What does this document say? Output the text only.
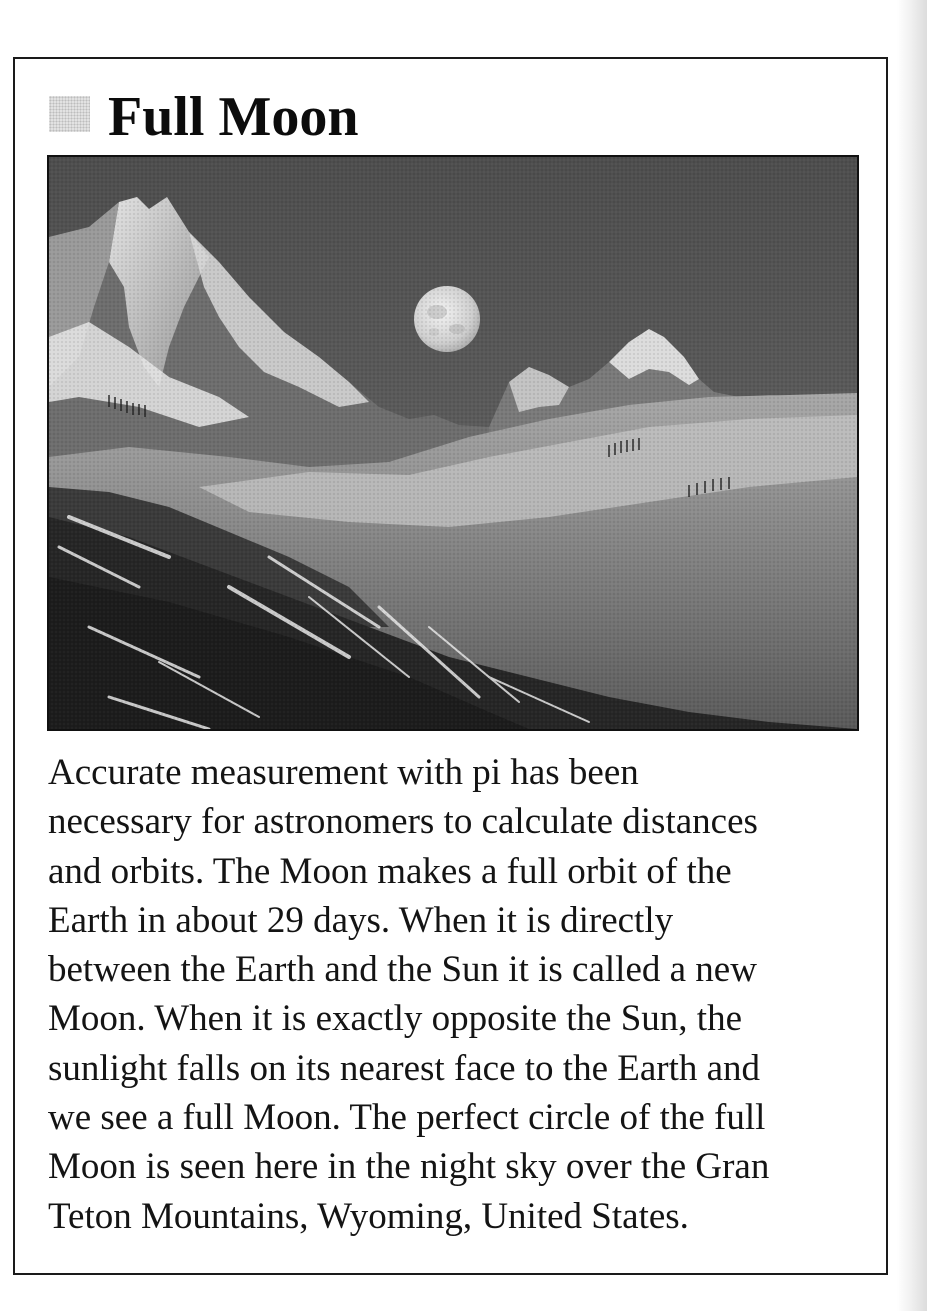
Full Moon
Accurate measurement with pi has been
necessary for astronomers to calculate distances
and orbits. The Moon makes a full orbit of the
Earth in about 29 days. When it is directly
between the Earth and the Sun it is called a new
Moon. When it is exactly opposite the Sun, the
sunlight falls on its nearest face to the Earth and
we see a full Moon. The perfect circle of the full
Moon is seen here in the night sky over the Gran
Teton Mountains, Wyoming, United States.
